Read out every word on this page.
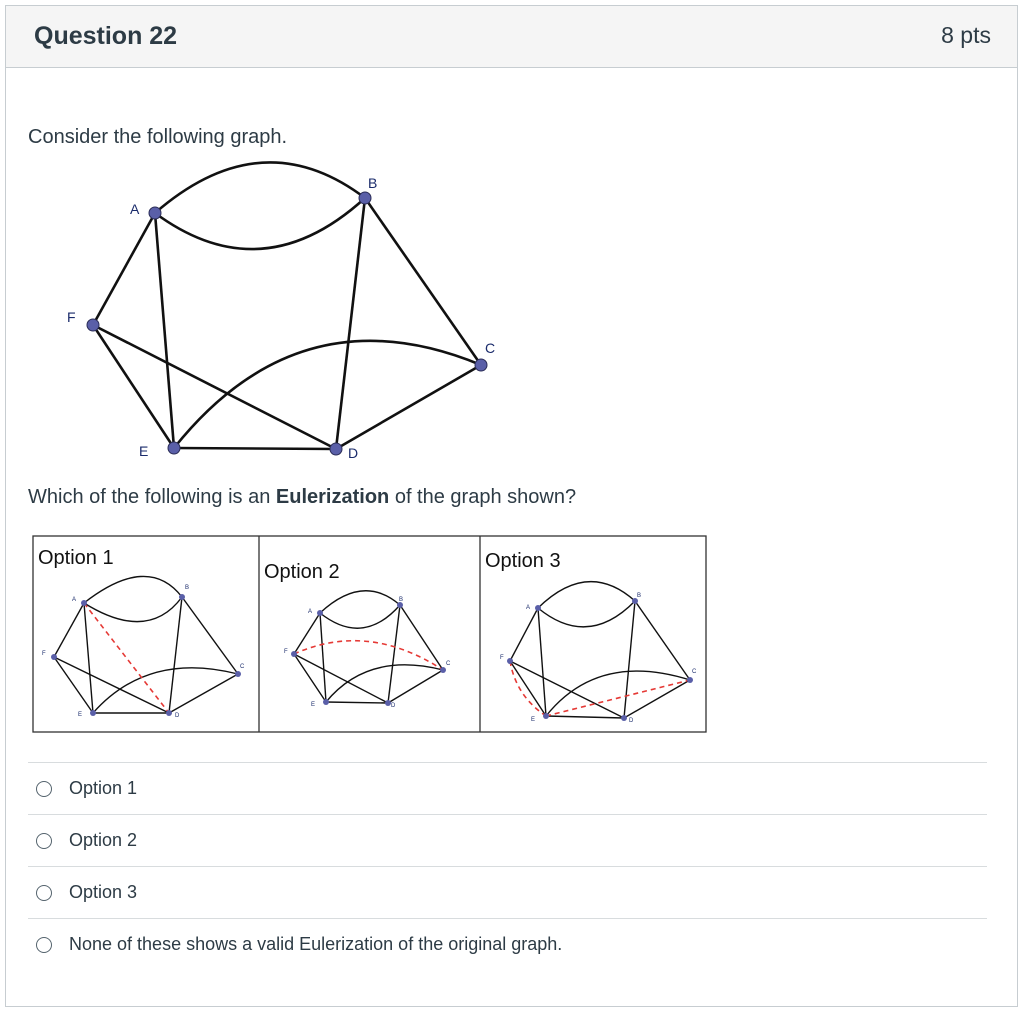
Question 22	8 pts
Consider the following graph.
A
B
C
D
E
F
Which of the following is an Eulerization of the graph shown?
Option 1
A
B
C
D
E
F
Option 2
A
B
C
D
E
F
Option 3
A
B
C
D
E
F
Option 1
Option 2
Option 3
None of these shows a valid Eulerization of the original graph.
